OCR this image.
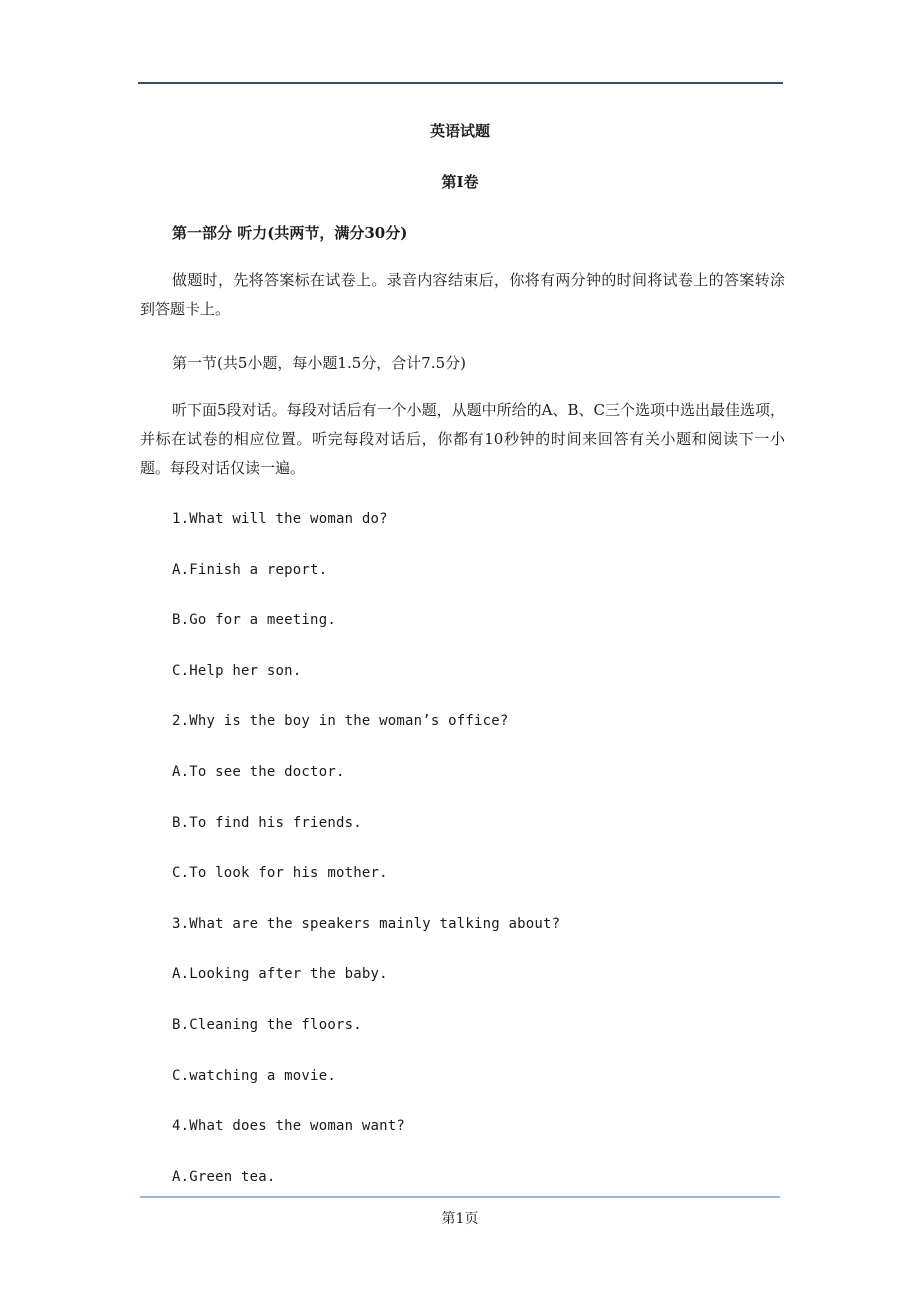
英语试题
第Ⅰ卷
第一部分 听力(共两节，满分30分)
做题时，先将答案标在试卷上。录音内容结束后，你将有两分钟的时间将试卷上的答案转涂到答题卡上。
第一节(共5小题，每小题1.5分，合计7.5分)
听下面5段对话。每段对话后有一个小题，从题中所给的A、B、C三个选项中选出最佳选项，并标在试卷的相应位置。听完每段对话后，你都有10秒钟的时间来回答有关小题和阅读下一小题。每段对话仅读一遍。
1.What will the woman do?
A.Finish a report.
B.Go for a meeting.
C.Help her son.
2.Why is the boy in the woman’s office?
A.To see the doctor.
B.To find his friends.
C.To look for his mother.
3.What are the speakers mainly talking about?
A.Looking after the baby.
B.Cleaning the floors.
C.watching a movie.
4.What does the woman want?
A.Green tea.
第1页
